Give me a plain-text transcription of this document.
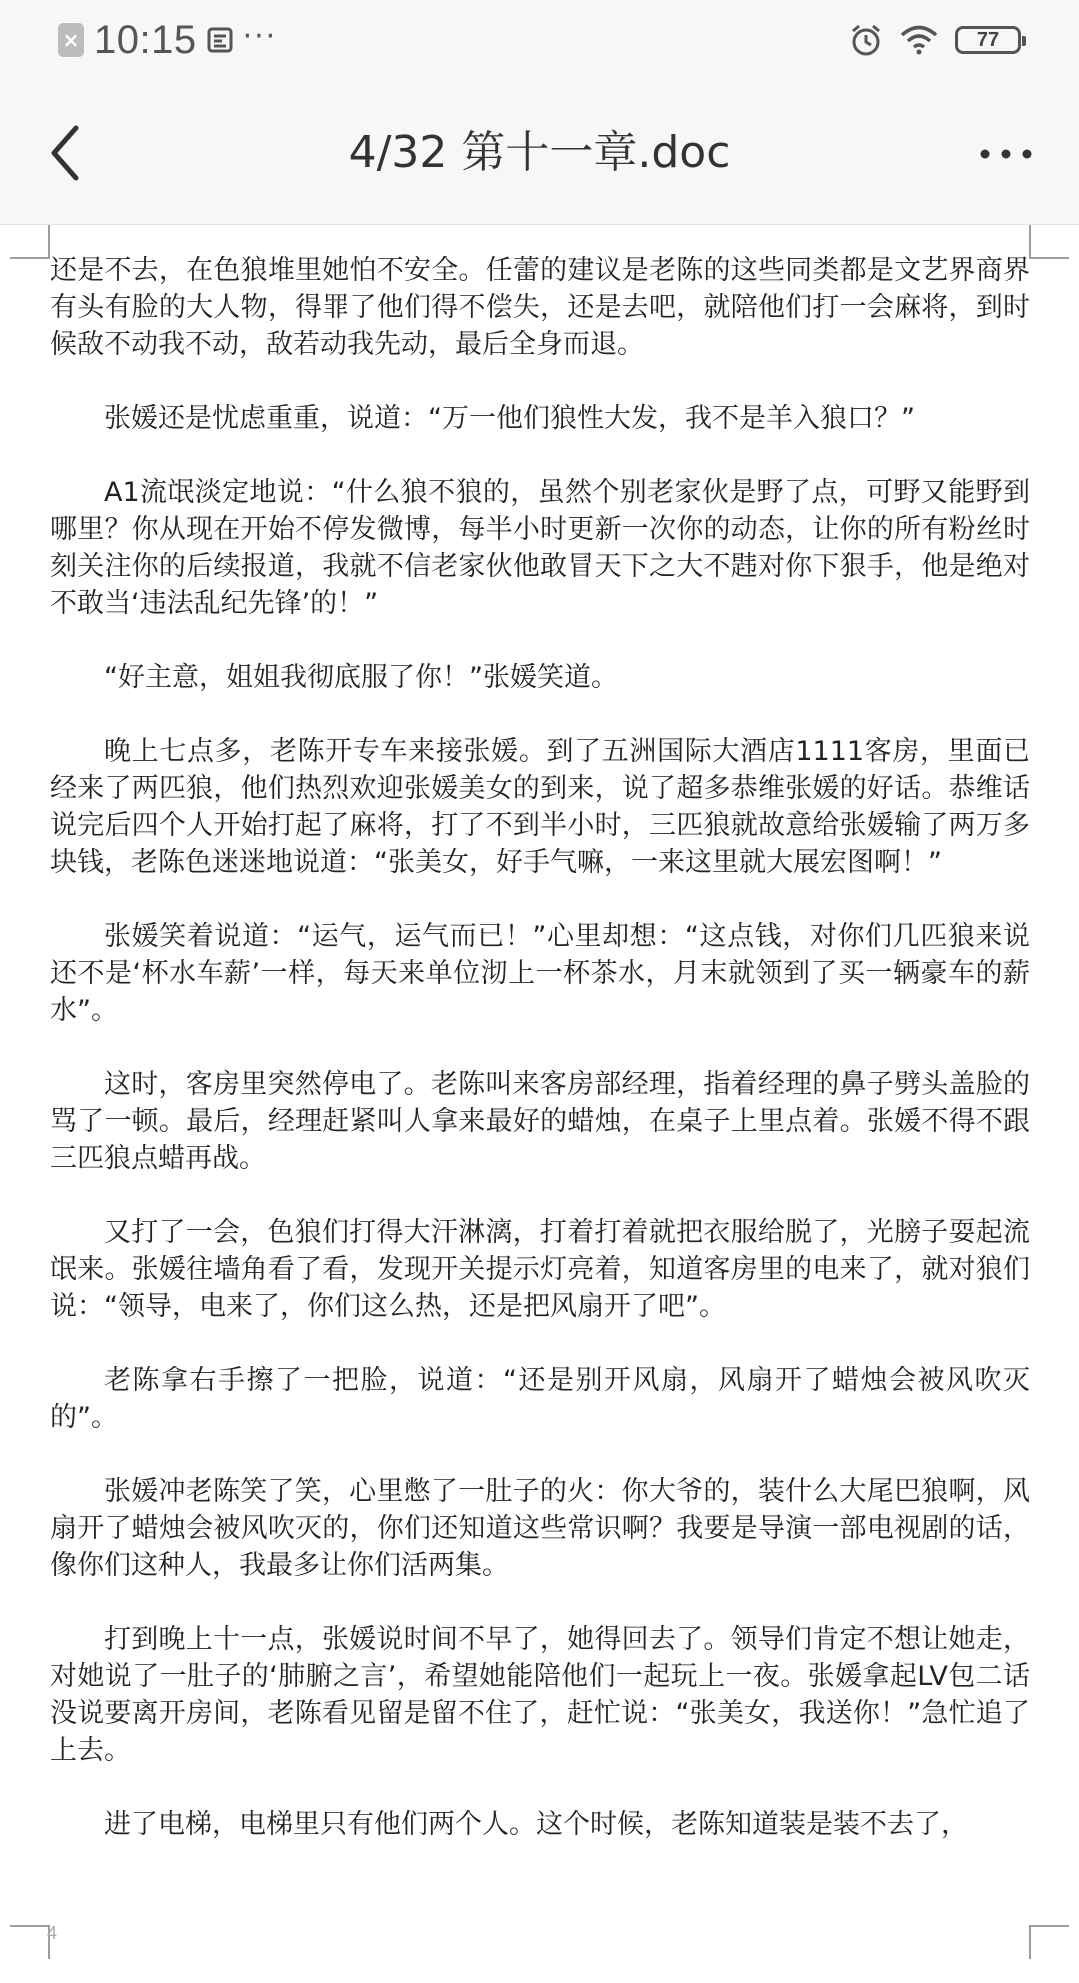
× 10:15 ···	77
4/32 第十一章.doc
4

还是不去，在色狼堆里她怕不安全。任蕾的建议是老陈的这些同类都是文艺界商界有头有脸的大人物，得罪了他们得不偿失，还是去吧，就陪他们打一会麻将，到时候敌不动我不动，敌若动我先动，最后全身而退。

张媛还是忧虑重重，说道：“万一他们狼性大发，我不是羊入狼口？”

A1流氓淡定地说：“什么狼不狼的，虽然个别老家伙是野了点，可野又能野到哪里？你从现在开始不停发微博，每半小时更新一次你的动态，让你的所有粉丝时刻关注你的后续报道，我就不信老家伙他敢冒天下之大不韪对你下狠手，他是绝对不敢当‘违法乱纪先锋’的！”

“好主意，姐姐我彻底服了你！”张媛笑道。

晚上七点多，老陈开专车来接张媛。到了五洲国际大酒店1111客房，里面已经来了两匹狼，他们热烈欢迎张媛美女的到来，说了超多恭维张媛的好话。恭维话说完后四个人开始打起了麻将，打了不到半小时，三匹狼就故意给张媛输了两万多块钱，老陈色迷迷地说道：“张美女，好手气嘛，一来这里就大展宏图啊！”

张媛笑着说道：“运气，运气而已！”心里却想：“这点钱，对你们几匹狼来说还不是‘杯水车薪’一样，每天来单位沏上一杯茶水，月末就领到了买一辆豪车的薪水”。

这时，客房里突然停电了。老陈叫来客房部经理，指着经理的鼻子劈头盖脸的骂了一顿。最后，经理赶紧叫人拿来最好的蜡烛，在桌子上里点着。张媛不得不跟三匹狼点蜡再战。

又打了一会，色狼们打得大汗淋漓，打着打着就把衣服给脱了，光膀子耍起流氓来。张媛往墙角看了看，发现开关提示灯亮着，知道客房里的电来了，就对狼们说：“领导，电来了，你们这么热，还是把风扇开了吧”。

老陈拿右手擦了一把脸，说道：“还是别开风扇，风扇开了蜡烛会被风吹灭的”。

张媛冲老陈笑了笑，心里憋了一肚子的火：你大爷的，装什么大尾巴狼啊，风扇开了蜡烛会被风吹灭的，你们还知道这些常识啊？我要是导演一部电视剧的话，像你们这种人，我最多让你们活两集。

打到晚上十一点，张媛说时间不早了，她得回去了。领导们肯定不想让她走，对她说了一肚子的‘肺腑之言’，希望她能陪他们一起玩上一夜。张媛拿起LV包二话没说要离开房间，老陈看见留是留不住了，赶忙说：“张美女，我送你！”急忙追了上去。

进了电梯，电梯里只有他们两个人。这个时候，老陈知道装是装不去了，
